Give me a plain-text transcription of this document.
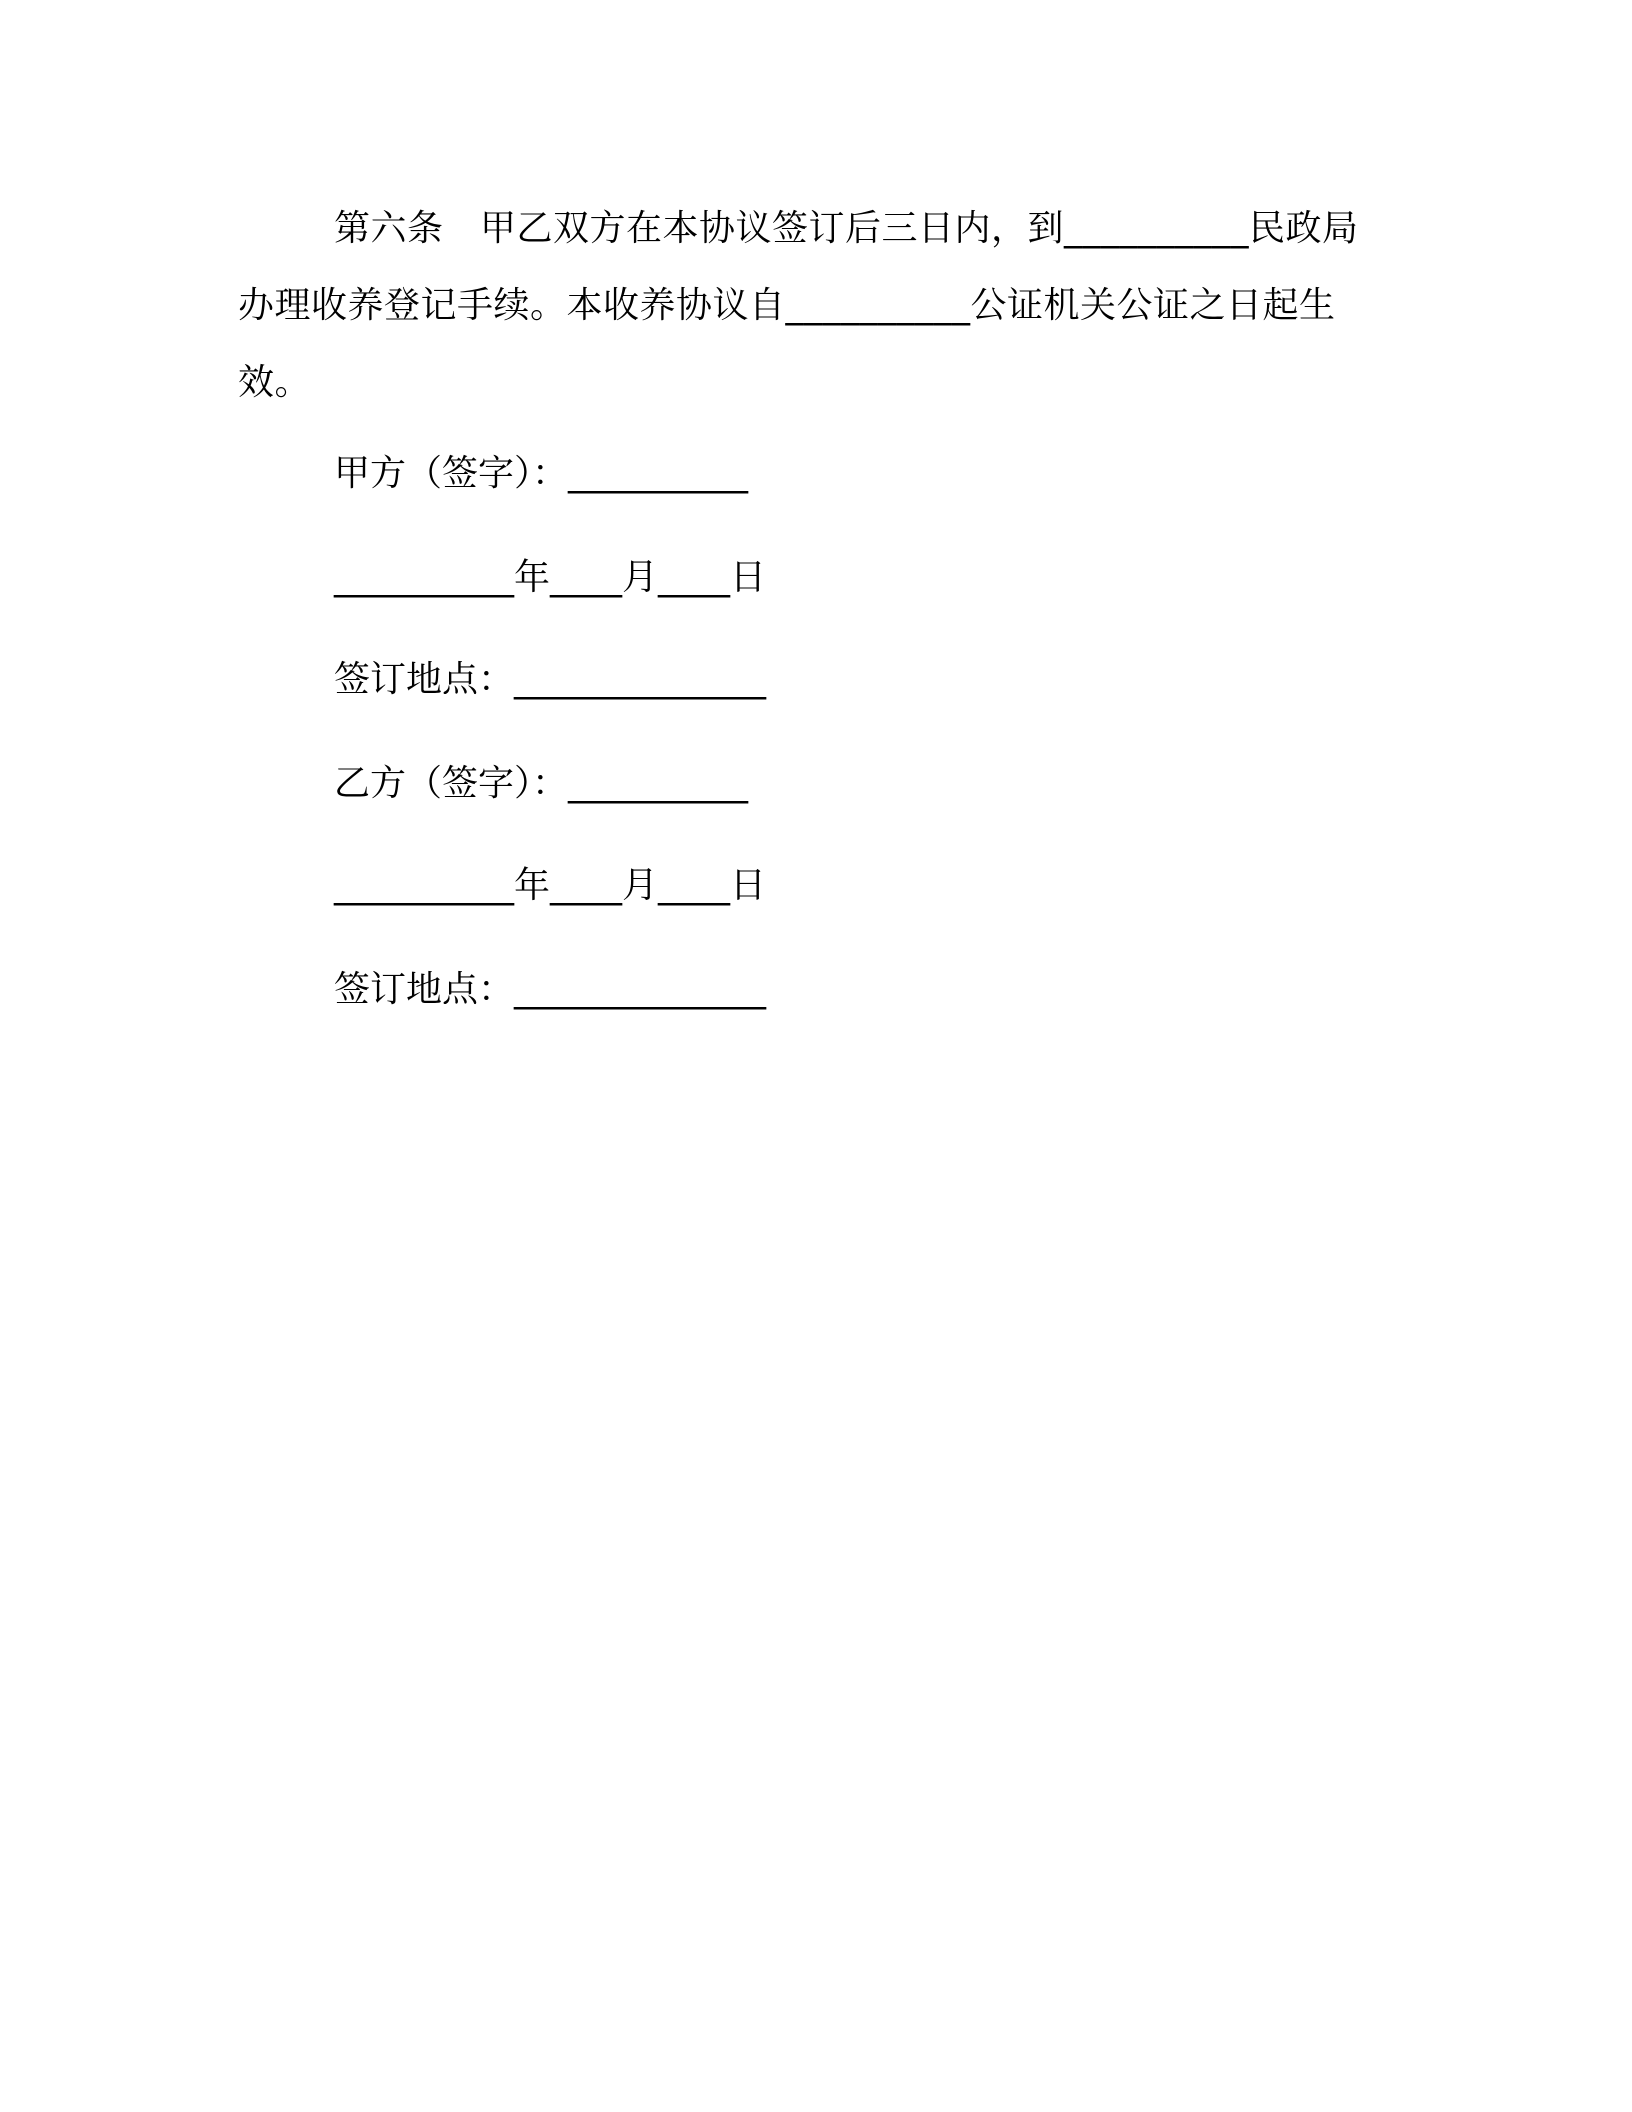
第六条　甲乙双方在本协议签订后三日内，到__________民政局办理收养登记手续。本收养协议自__________公证机关公证之日起生效。

甲方（签字）：__________

__________年____月____日

签订地点：______________

乙方（签字）：__________

__________年____月____日

签订地点：______________
